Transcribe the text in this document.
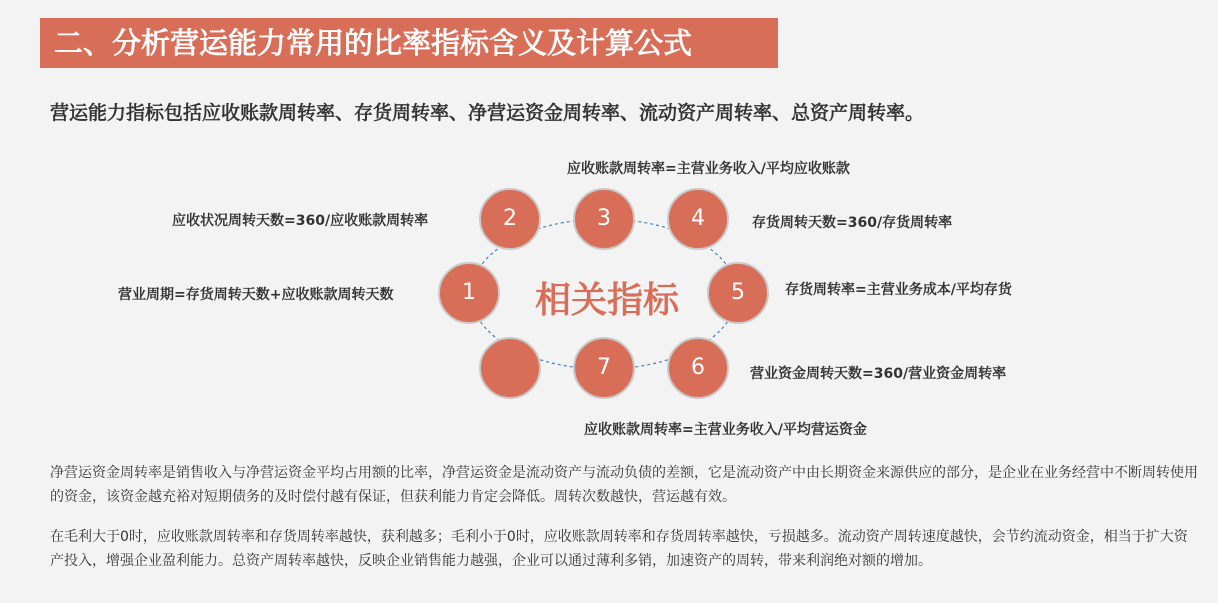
二、分析营运能力常用的比率指标含义及计算公式
营运能力指标包括应收账款周转率、存货周转率、净营运资金周转率、流动资产周转率、总资产周转率。
1
2	3	4
5
6
7
相关指标
应收账款周转率=主营业务收入/平均应收账款
应收状况周转天数=360/应收账款周转率	存货周转天数=360/存货周转率
营业周期=存货周转天数+应收账款周转天数	存货周转率=主营业务成本/平均存货
营业资金周转天数=360/营业资金周转率
应收账款周转率=主营业务收入/平均营运资金
净营运资金周转率是销售收入与净营运资金平均占用额的比率，净营运资金是流动资产与流动负债的差额，它是流动资产中由长期资金来源供应的部分，是企业在业务经营中不断周转使用的资金，该资金越充裕对短期债务的及时偿付越有保证，但获利能力肯定会降低。周转次数越快，营运越有效。
在毛利大于0时，应收账款周转率和存货周转率越快，获利越多；毛利小于0时，应收账款周转率和存货周转率越快，亏损越多。流动资产周转速度越快，会节约流动资金，相当于扩大资产投入，增强企业盈利能力。总资产周转率越快，反映企业销售能力越强，企业可以通过薄利多销，加速资产的周转，带来利润绝对额的增加。
